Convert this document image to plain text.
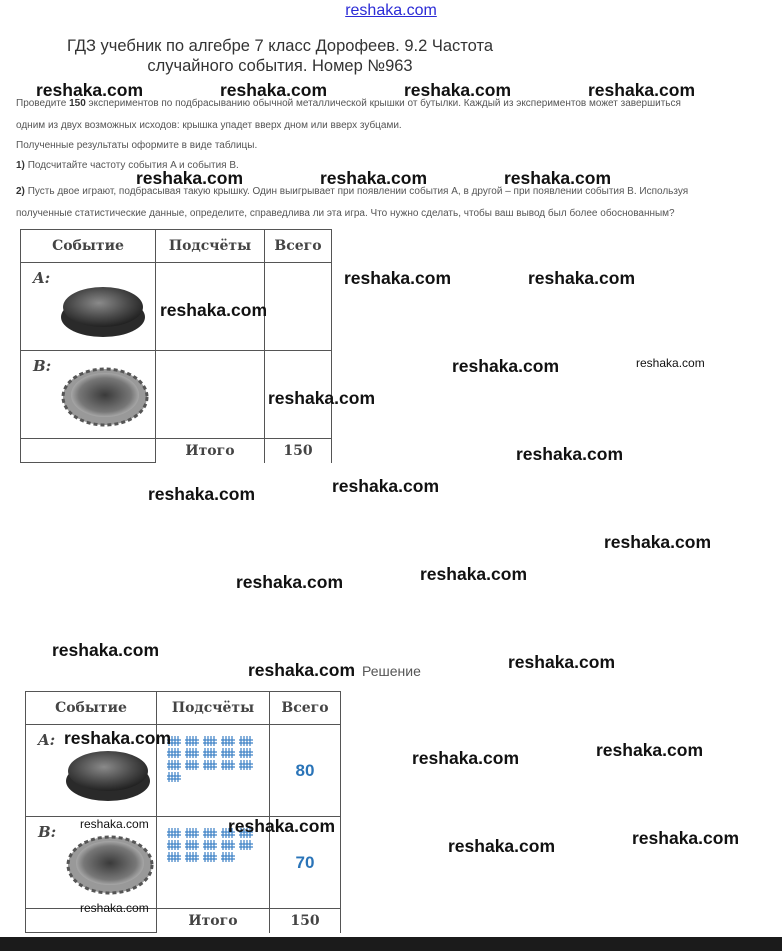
reshaka.com
ГДЗ учебник по алгебре 7 класс Дорофеев. 9.2 Частота случайного события. Номер №963
Проведите 150 экспериментов по подбрасыванию обычной металлической крышки от бутылки. Каждый из экспериментов может завершиться
одним из двух возможных исходов: крышка упадет вверх дном или вверх зубцами.
Полученные результаты оформите в виде таблицы.
1) Подсчитайте частоту события A и события B.
2) Пусть двое играют, подбрасывая такую крышку. Один выигрывает при появлении события A, в другой – при появлении события B. Используя
полученные статистические данные, определите, справедлива ли эта игра. Что нужно сделать, чтобы ваш вывод был более обоснованным?
Событие	Подсчёты	Всего

A:		

B:		

	Итого	150
Решение
Событие	Подсчёты	Всего

A:		80

B:		70
	Итого	150
reshaka.com	reshaka.com	reshaka.com	reshaka.com
reshaka.com	reshaka.com	reshaka.com
reshaka.com	reshaka.com
reshaka.com
reshaka.com	reshaka.com
reshaka.com
reshaka.com
reshaka.com
reshaka.com
reshaka.com
reshaka.com
reshaka.com
reshaka.com
reshaka.com
reshaka.com
reshaka.com
reshaka.com
reshaka.com
reshaka.com	reshaka.com
reshaka.com
reshaka.com
reshaka.com
